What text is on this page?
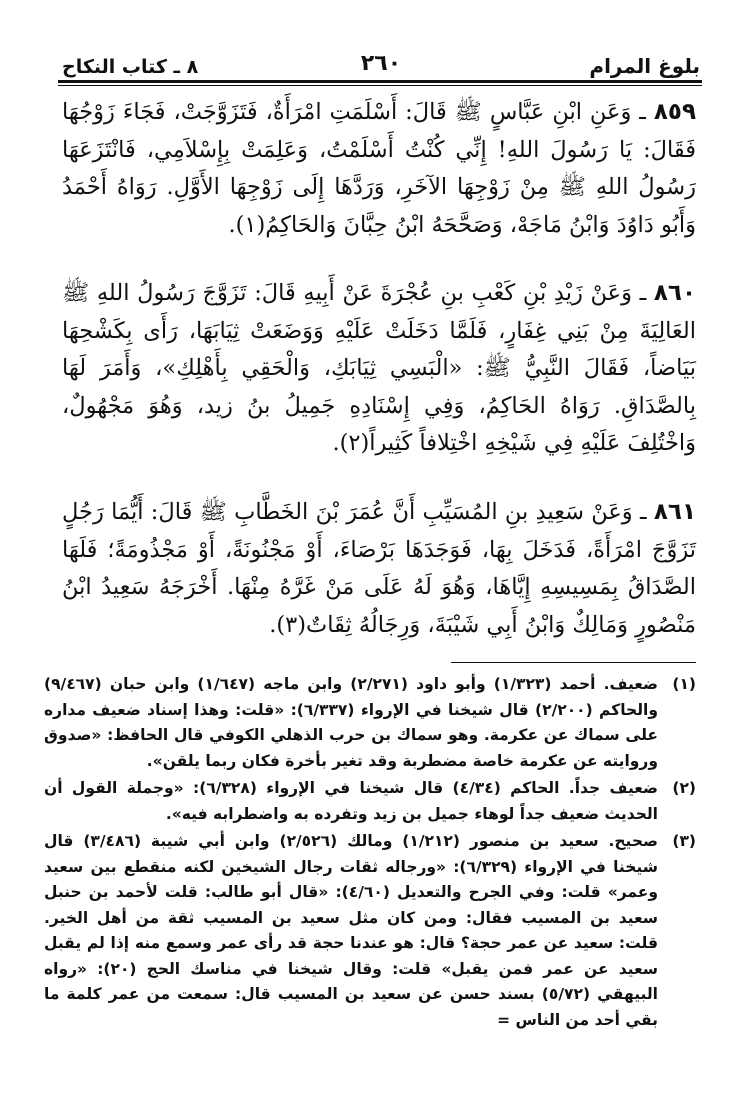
بلوغ المرام
٢٦٠
٨ ـ كتاب النكاح
٨٥٩ ـ وَعَنِ ابْنِ عَبَّاسٍ ﷺ قَالَ: أَسْلَمَتِ امْرَأَةٌ، فَتَزَوَّجَتْ، فَجَاءَ زَوْجُهَا فَقَالَ: يَا رَسُولَ اللهِ! إِنِّي كُنْتُ أَسْلَمْتُ، وَعَلِمَتْ بِإِسْلاَمِي، فَانْتَزَعَهَا رَسُولُ اللهِ ﷺ مِنْ زَوْجِهَا الآخَرِ، وَرَدَّهَا إِلَى زَوْجِهَا الأَوَّلِ. رَوَاهُ أَحْمَدُ وَأَبُو دَاوُدَ وَابْنُ مَاجَهْ، وَصَحَّحَهُ ابْنُ حِبَّانَ وَالحَاكِمُ(١).
٨٦٠ ـ وَعَنْ زَيْدِ بْنِ كَعْبِ بنِ عُجْرَةَ عَنْ أَبِيهِ قَالَ: تَزَوَّجَ رَسُولُ اللهِ ﷺ العَالِيَةَ مِنْ بَنِي غِفَارٍ، فَلَمَّا دَخَلَتْ عَلَيْهِ وَوَضَعَتْ ثِيَابَهَا، رَأَى بِكَشْحِهَا بَيَاضاً، فَقَالَ النَّبِيُّ ﷺ: «الْبَسِي ثِيَابَكِ، وَالْحَقِي بِأَهْلِكِ»، وَأَمَرَ لَهَا بِالصَّدَاقِ. رَوَاهُ الحَاكِمُ، وَفِي إِسْنَادِهِ جَمِيلُ بنُ زيد، وَهُوَ مَجْهُولٌ، وَاخْتُلِفَ عَلَيْهِ فِي شَيْخِهِ اخْتِلافاً كَثِيراً(٢).
٨٦١ ـ وَعَنْ سَعِيدِ بنِ المُسَيِّبِ أَنَّ عُمَرَ بْنَ الخَطَّابِ ﷺ قَالَ: أَيُّمَا رَجُلٍ تَزَوَّجَ امْرَأَةً، فَدَخَلَ بِهَا، فَوَجَدَهَا بَرْصَاءَ، أَوْ مَجْنُونَةً، أَوْ مَجْذُومَةً؛ فَلَهَا الصَّدَاقُ بِمَسِيسِهِ إِيَّاهَا، وَهُوَ لَهُ عَلَى مَنْ غَرَّهُ مِنْهَا. أَخْرَجَهُ سَعِيدُ ابْنُ مَنْصُورٍ وَمَالِكٌ وَابْنُ أَبِي شَيْبَةَ، وَرِجَالُهُ ثِقَاتٌ(٣).
(١)
ضعيف. أحمد (١/٣٢٣) وأبو داود (٢/٢٧١) وابن ماجه (١/٦٤٧) وابن حبان (٩/٤٦٧) والحاكم (٢/٢٠٠) قال شيخنا في الإرواء (٦/٣٣٧): «قلت: وهذا إسناد ضعيف مداره على سماك عن عكرمة. وهو سماك بن حرب الذهلي الكوفي قال الحافظ: «صدوق وروايته عن عكرمة خاصة مضطربة وقد تغير بأخرة فكان ربما يلقن».
(٢)
ضعيف جداً. الحاكم (٤/٣٤) قال شيخنا في الإرواء (٦/٣٢٨): «وجملة القول أن الحديث ضعيف جداً لوهاء جميل بن زيد وتفرده به واضطرابه فيه».
(٣)
صحيح. سعيد بن منصور (١/٢١٢) ومالك (٢/٥٢٦) وابن أبي شيبة (٣/٤٨٦) قال شيخنا في الإرواء (٦/٣٢٩): «ورجاله ثقات رجال الشيخين لكنه منقطع بين سعيد وعمر» قلت: وفي الجرح والتعديل (٤/٦٠): «قال أبو طالب: قلت لأحمد بن حنبل سعيد بن المسيب فقال: ومن كان مثل سعيد بن المسيب ثقة من أهل الخير. قلت: سعيد عن عمر حجة؟ قال: هو عندنا حجة قد رأى عمر وسمع منه إذا لم يقبل سعيد عن عمر فمن يقبل» قلت: وقال شيخنا في مناسك الحج (٢٠): «رواه البيهقي (٥/٧٢) بسند حسن عن سعيد بن المسيب قال: سمعت من عمر كلمة ما بقي أحد من الناس =
